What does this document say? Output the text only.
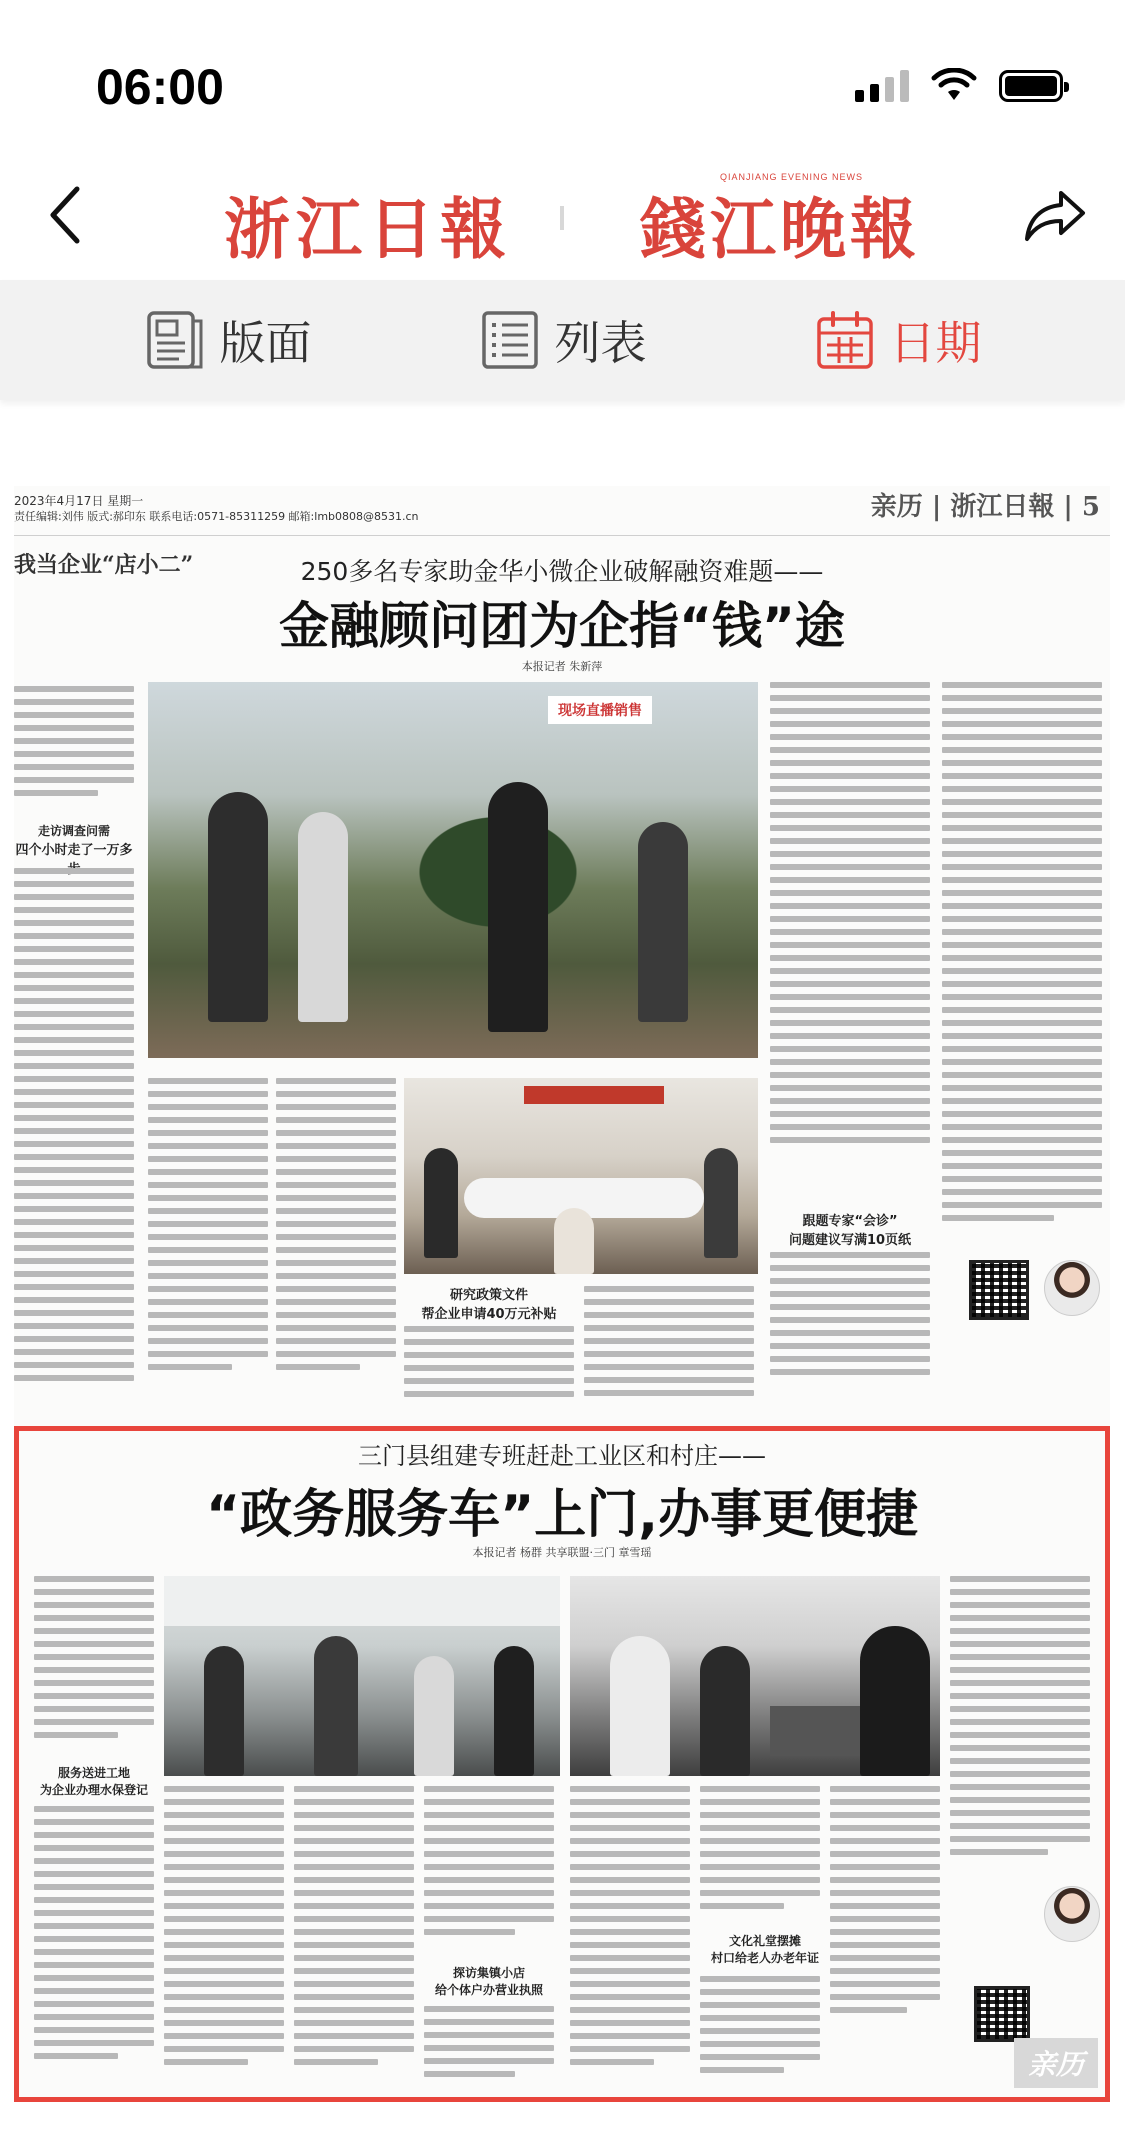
06:00
浙江日報
QIANJIANG EVENING NEWS
錢江晚報
版面	列表	日期
2023年4月17日 星期一
责任编辑:刘伟 版式:郝印东 联系电话:0571-85311259 邮箱:lmb0808@8531.cn	亲历 | 浙江日報 | 5
我当企业“店小二”	250多名专家助金华小微企业破解融资难题——
金融顾问团为企指“钱”途
本报记者 朱新萍
走访调查问需
四个小时走了一万多
现场直播销售
研究政策文件
帮企业申请40万元补贴
跟题专家“会诊”
问题建议写满10页纸
三门县组建专班赶赴工业区和村庄——
“政务服务车”上门,办事更便捷
本报记者 杨群 共享联盟·三门 章雪瑶
服务送进工地
为企业办理水保登记
探访集镇小店
给个体户办营业执照
文化礼堂摆摊
村口给老人办老年证
亲历
